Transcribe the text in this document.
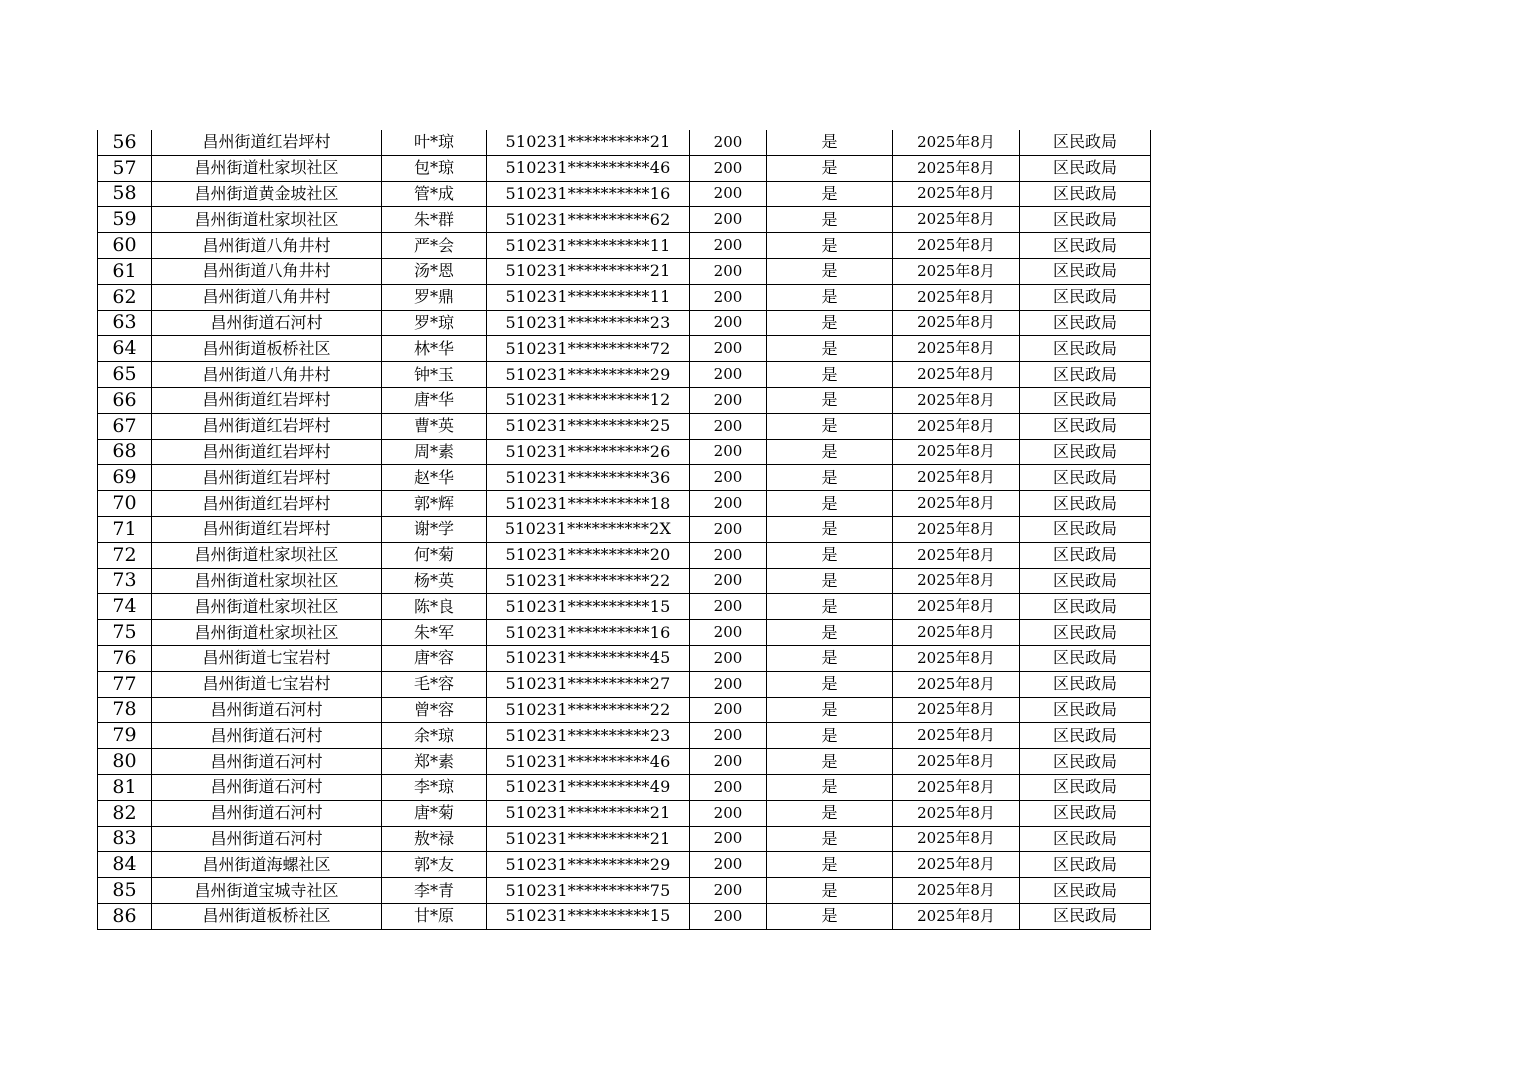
56	昌州街道红岩坪村	叶*琼	510231**********21	200	是	2025年8月	区民政局
57	昌州街道杜家坝社区	包*琼	510231**********46	200	是	2025年8月	区民政局
58	昌州街道黄金坡社区	管*成	510231**********16	200	是	2025年8月	区民政局
59	昌州街道杜家坝社区	朱*群	510231**********62	200	是	2025年8月	区民政局
60	昌州街道八角井村	严*会	510231**********11	200	是	2025年8月	区民政局
61	昌州街道八角井村	汤*恩	510231**********21	200	是	2025年8月	区民政局
62	昌州街道八角井村	罗*鼎	510231**********11	200	是	2025年8月	区民政局
63	昌州街道石河村	罗*琼	510231**********23	200	是	2025年8月	区民政局
64	昌州街道板桥社区	林*华	510231**********72	200	是	2025年8月	区民政局
65	昌州街道八角井村	钟*玉	510231**********29	200	是	2025年8月	区民政局
66	昌州街道红岩坪村	唐*华	510231**********12	200	是	2025年8月	区民政局
67	昌州街道红岩坪村	曹*英	510231**********25	200	是	2025年8月	区民政局
68	昌州街道红岩坪村	周*素	510231**********26	200	是	2025年8月	区民政局
69	昌州街道红岩坪村	赵*华	510231**********36	200	是	2025年8月	区民政局
70	昌州街道红岩坪村	郭*辉	510231**********18	200	是	2025年8月	区民政局
71	昌州街道红岩坪村	谢*学	510231**********2X	200	是	2025年8月	区民政局
72	昌州街道杜家坝社区	何*菊	510231**********20	200	是	2025年8月	区民政局
73	昌州街道杜家坝社区	杨*英	510231**********22	200	是	2025年8月	区民政局
74	昌州街道杜家坝社区	陈*良	510231**********15	200	是	2025年8月	区民政局
75	昌州街道杜家坝社区	朱*军	510231**********16	200	是	2025年8月	区民政局
76	昌州街道七宝岩村	唐*容	510231**********45	200	是	2025年8月	区民政局
77	昌州街道七宝岩村	毛*容	510231**********27	200	是	2025年8月	区民政局
78	昌州街道石河村	曾*容	510231**********22	200	是	2025年8月	区民政局
79	昌州街道石河村	余*琼	510231**********23	200	是	2025年8月	区民政局
80	昌州街道石河村	郑*素	510231**********46	200	是	2025年8月	区民政局
81	昌州街道石河村	李*琼	510231**********49	200	是	2025年8月	区民政局
82	昌州街道石河村	唐*菊	510231**********21	200	是	2025年8月	区民政局
83	昌州街道石河村	敖*禄	510231**********21	200	是	2025年8月	区民政局
84	昌州街道海螺社区	郭*友	510231**********29	200	是	2025年8月	区民政局
85	昌州街道宝城寺社区	李*青	510231**********75	200	是	2025年8月	区民政局
86	昌州街道板桥社区	甘*原	510231**********15	200	是	2025年8月	区民政局
